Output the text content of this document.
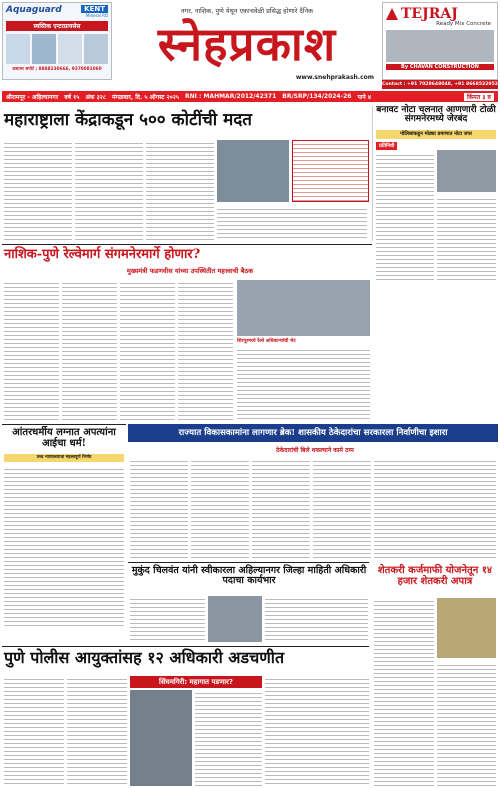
Aquaguard	KENT
Mineral RO
स्वस्तिक एन्टरप्रायसेस
कस्टमर सपोर्ट : 8888230666, 9370081060
नगर, नाशिक, पुणे येथून एकाचवेळी प्रसिद्ध होणारे दैनिक
स्नेहप्रकाश
www.snehprakash.com
TEJRAJ
Ready Mix Concrete
By CHAVAN CONSTRUCTION
Contact : +91 7028648048, +91 8668532952
श्रीरामपूर - अहिल्यानगर वर्ष १५ अंक ३२८ मंगळवार, दि. ५ ऑगस्ट २०२५ RNI : MAHMAR/2012/42371 BR/SRP/134/2024-26 पाने ४	किंमत ३ रु
महाराष्ट्राला केंद्राकडून ५०० कोटींची मदत	बनावट नोटा चलनात आणणारी टोळी संगमनेरमध्ये जेरबंद
पोलिसांकडून मोठ्या प्रमाणात नोटा जप्त
प्रतिनिधी
नाशिक-पुणे रेल्वेमार्ग संगमनेरमार्गे होणार?
मुख्यमंत्री फडणवीस यांच्या उपस्थितीत महत्त्वाची बैठक
शिरपूरमध्ये रेल्वे अधिकाऱ्यांची भेट
आंतरधर्मीय लग्नात अपत्यांना आईचा धर्म!
उच्च न्यायालयाचा महत्त्वपूर्ण निर्णय
राज्यात विकासकामांना लागणार ब्रेक! शासकीय ठेकेदारांचा सरकारला निर्वाणीचा इशारा
ठेकेदारांची बिले थकल्याने कामे ठप्प
मुकुंद चिलवंत यांनी स्वीकारला अहिल्यानगर जिल्हा माहिती अधिकारी पदाचा कार्यभार
शेतकरी कर्जमाफी योजनेतून १४ हजार शेतकरी अपात्र
पुणे पोलीस आयुक्तांसह १२ अधिकारी अडचणीत
सिंघमगिरी: महागात पडणार?
